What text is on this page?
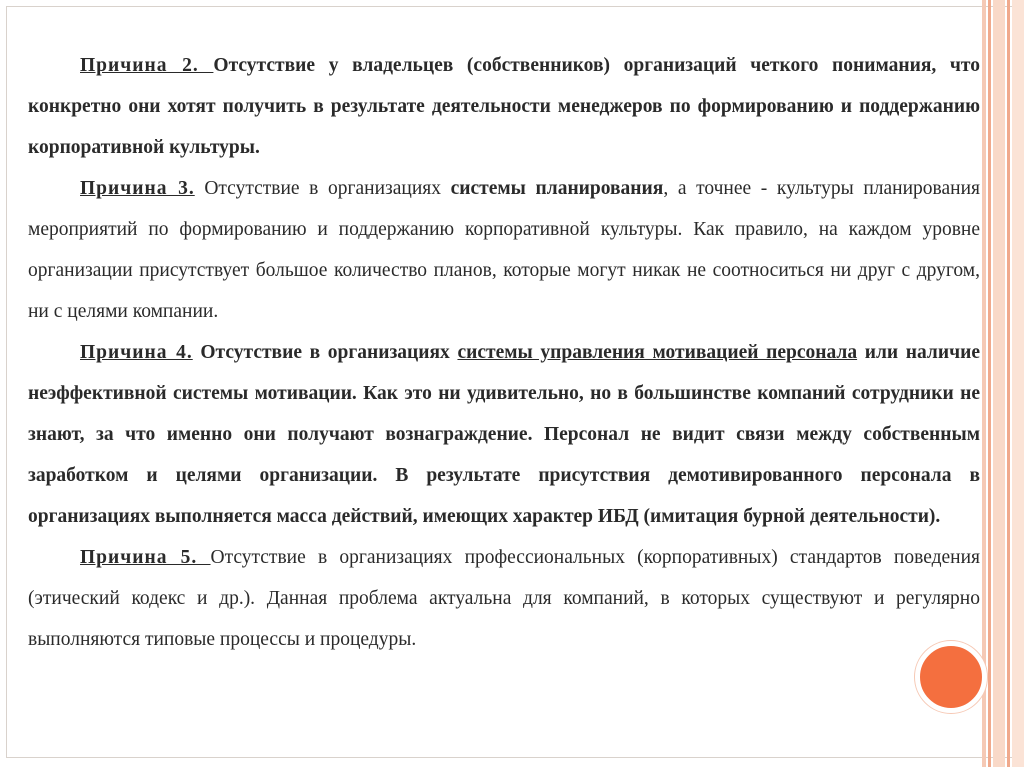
Причина 2. Отсутствие у владельцев (собственников) организаций четкого понимания, что конкретно они хотят получить в результате деятельности менеджеров по формированию и поддержанию корпоративной культуры.

Причина 3. Отсутствие в организациях системы планирования, а точнее - культуры планирования мероприятий по формированию и поддержанию корпоративной культуры. Как правило, на каждом уровне организации присутствует большое количество планов, которые могут никак не соотноситься ни друг с другом, ни с целями компании.

Причина 4. Отсутствие в организациях системы управления мотивацией персонала или наличие неэффективной системы мотивации. Как это ни удивительно, но в большинстве компаний сотрудники не знают, за что именно они получают вознаграждение. Персонал не видит связи между собственным заработком и целями организации. В результате присутствия демотивированного персонала в организациях выполняется масса действий, имеющих характер ИБД (имитация бурной деятельности).

Причина 5. Отсутствие в организациях профессиональных (корпоративных) стандартов поведения (этический кодекс и др.). Данная проблема актуальна для компаний, в которых существуют и регулярно выполняются типовые процессы и процедуры.
